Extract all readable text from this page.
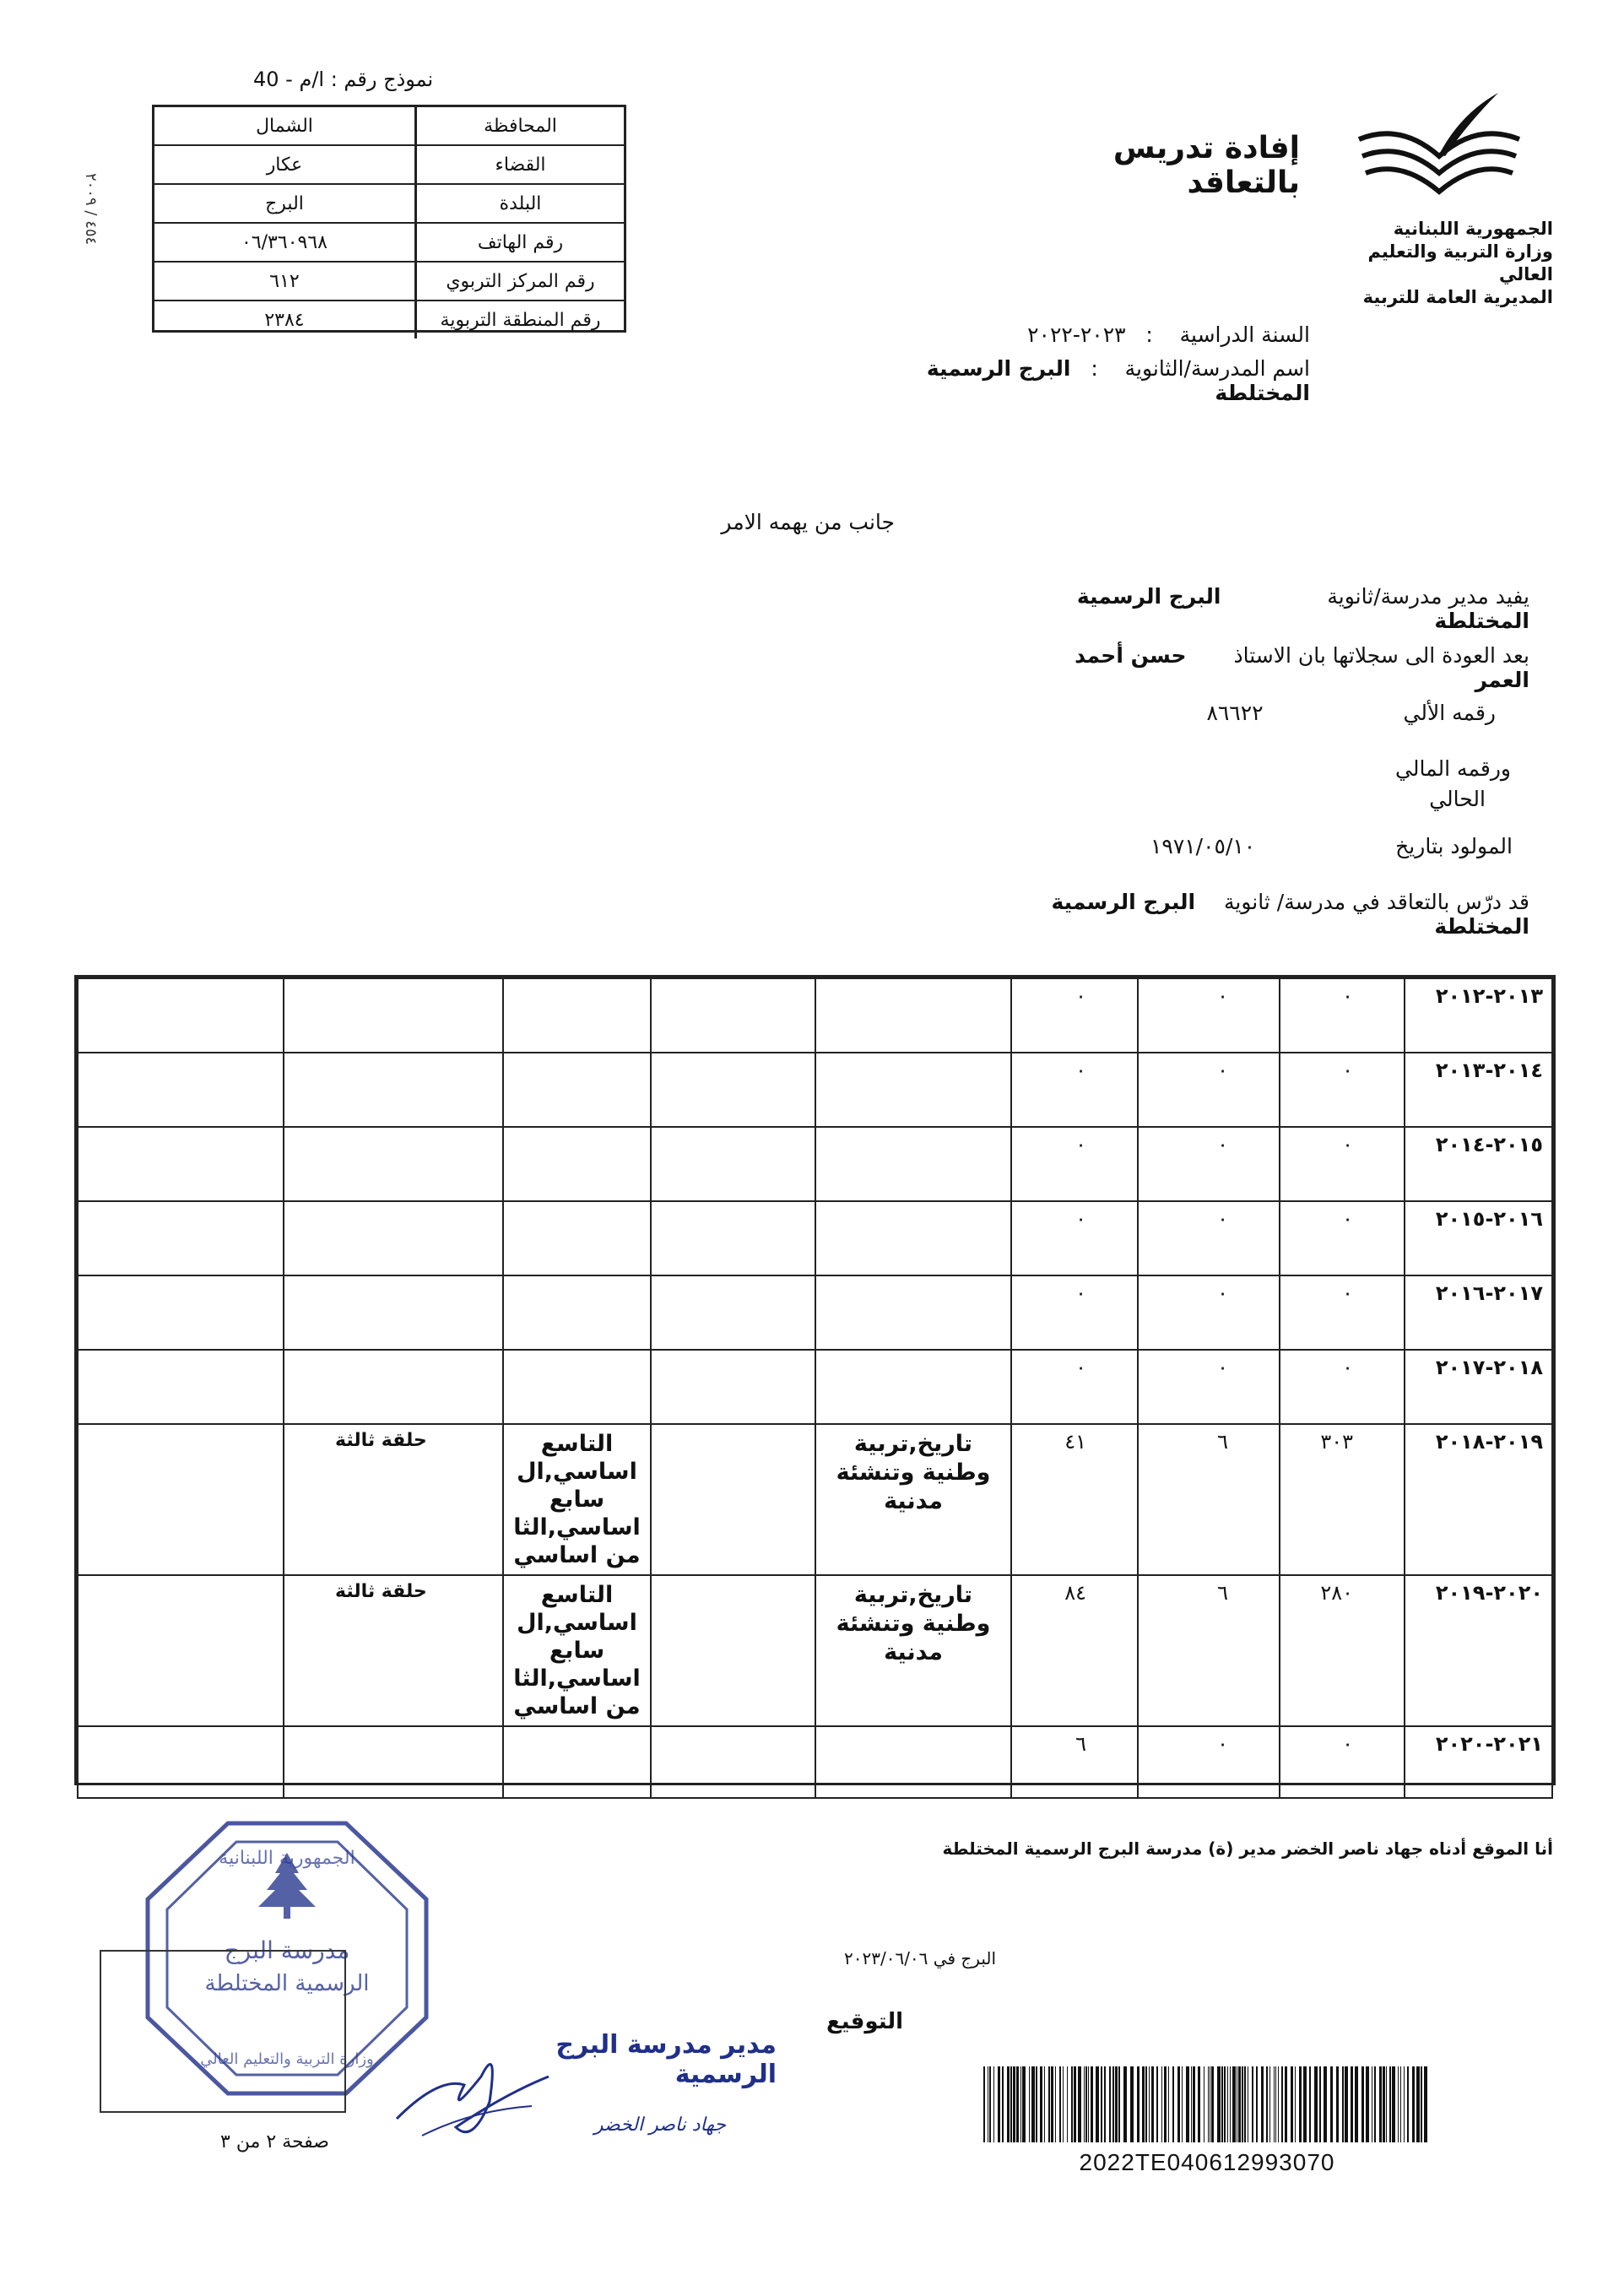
نموذج رقم : ا/م - 40
المحافظة
الشمال
القضاء
عكار
البلدة
البرج
رقم الهاتف
٠٦/٣٦٠٩٦٨
رقم المركز التربوي
٦١٢
رقم المنطقة التربوية
٢٣٨٤
٤٥٤ / ٢٠٠٩	الجمهورية اللبنانية
وزارة التربية والتعليم العالي
المديرية العامة للتربية
إفادة تدريس بالتعاقد
السنة الدراسية    :   ٢٠٢٣-٢٠٢٢
اسم المدرسة/الثانوية    :   البرج الرسمية المختلطة
جانب من يهمه الامر
يفيد مدير مدرسة/ثانوية  البرج الرسمية المختلطة
بعد العودة الى سجلاتها بان الاستاذ  حسن أحمد العمر
رقمه الألي  ٨٦٦٢٢
ورقمه المالي
الحالي
المولود بتاريخ  ١٩٧١/٠٥/١٠
قد درّس بالتعاقد في مدرسة/ ثانوية  البرج الرسمية المختلطة
٢٠١٣-٢٠١٢	٠	٠	٠					
٢٠١٤-٢٠١٣	٠	٠	٠					
٢٠١٥-٢٠١٤	٠	٠	٠					
٢٠١٦-٢٠١٥	٠	٠	٠					
٢٠١٧-٢٠١٦	٠	٠	٠					
٢٠١٨-٢٠١٧	٠	٠	٠					
٢٠١٩-٢٠١٨	٣٠٣	٦	٤١	تاريخ,تربية وطنية وتنشئة مدنية		التاسع اساسي,ال سابع اساسي,الثا من اساسي	حلقة ثالثة	
٢٠٢٠-٢٠١٩	٢٨٠	٦	٨٤	تاريخ,تربية وطنية وتنشئة مدنية		التاسع اساسي,ال سابع اساسي,الثا من اساسي	حلقة ثالثة	
٢٠٢١-٢٠٢٠	٠	٠	٦					
أنا الموقع أدناه جهاد ناصر الخضر مدير (ة) مدرسة البرج الرسمية المختلطة
البرج في ٢٠٢٣/٠٦/٠٦
التوقيع
مدير مدرسة البرج الرسمية
جهاد ناصر الخضر
مدرسة البرج
الرسمية المختلطة
الجمهورية اللبنانية
وزارة التربية والتعليم العالي
صفحة ٢ من ٣
2022TE040612993070
